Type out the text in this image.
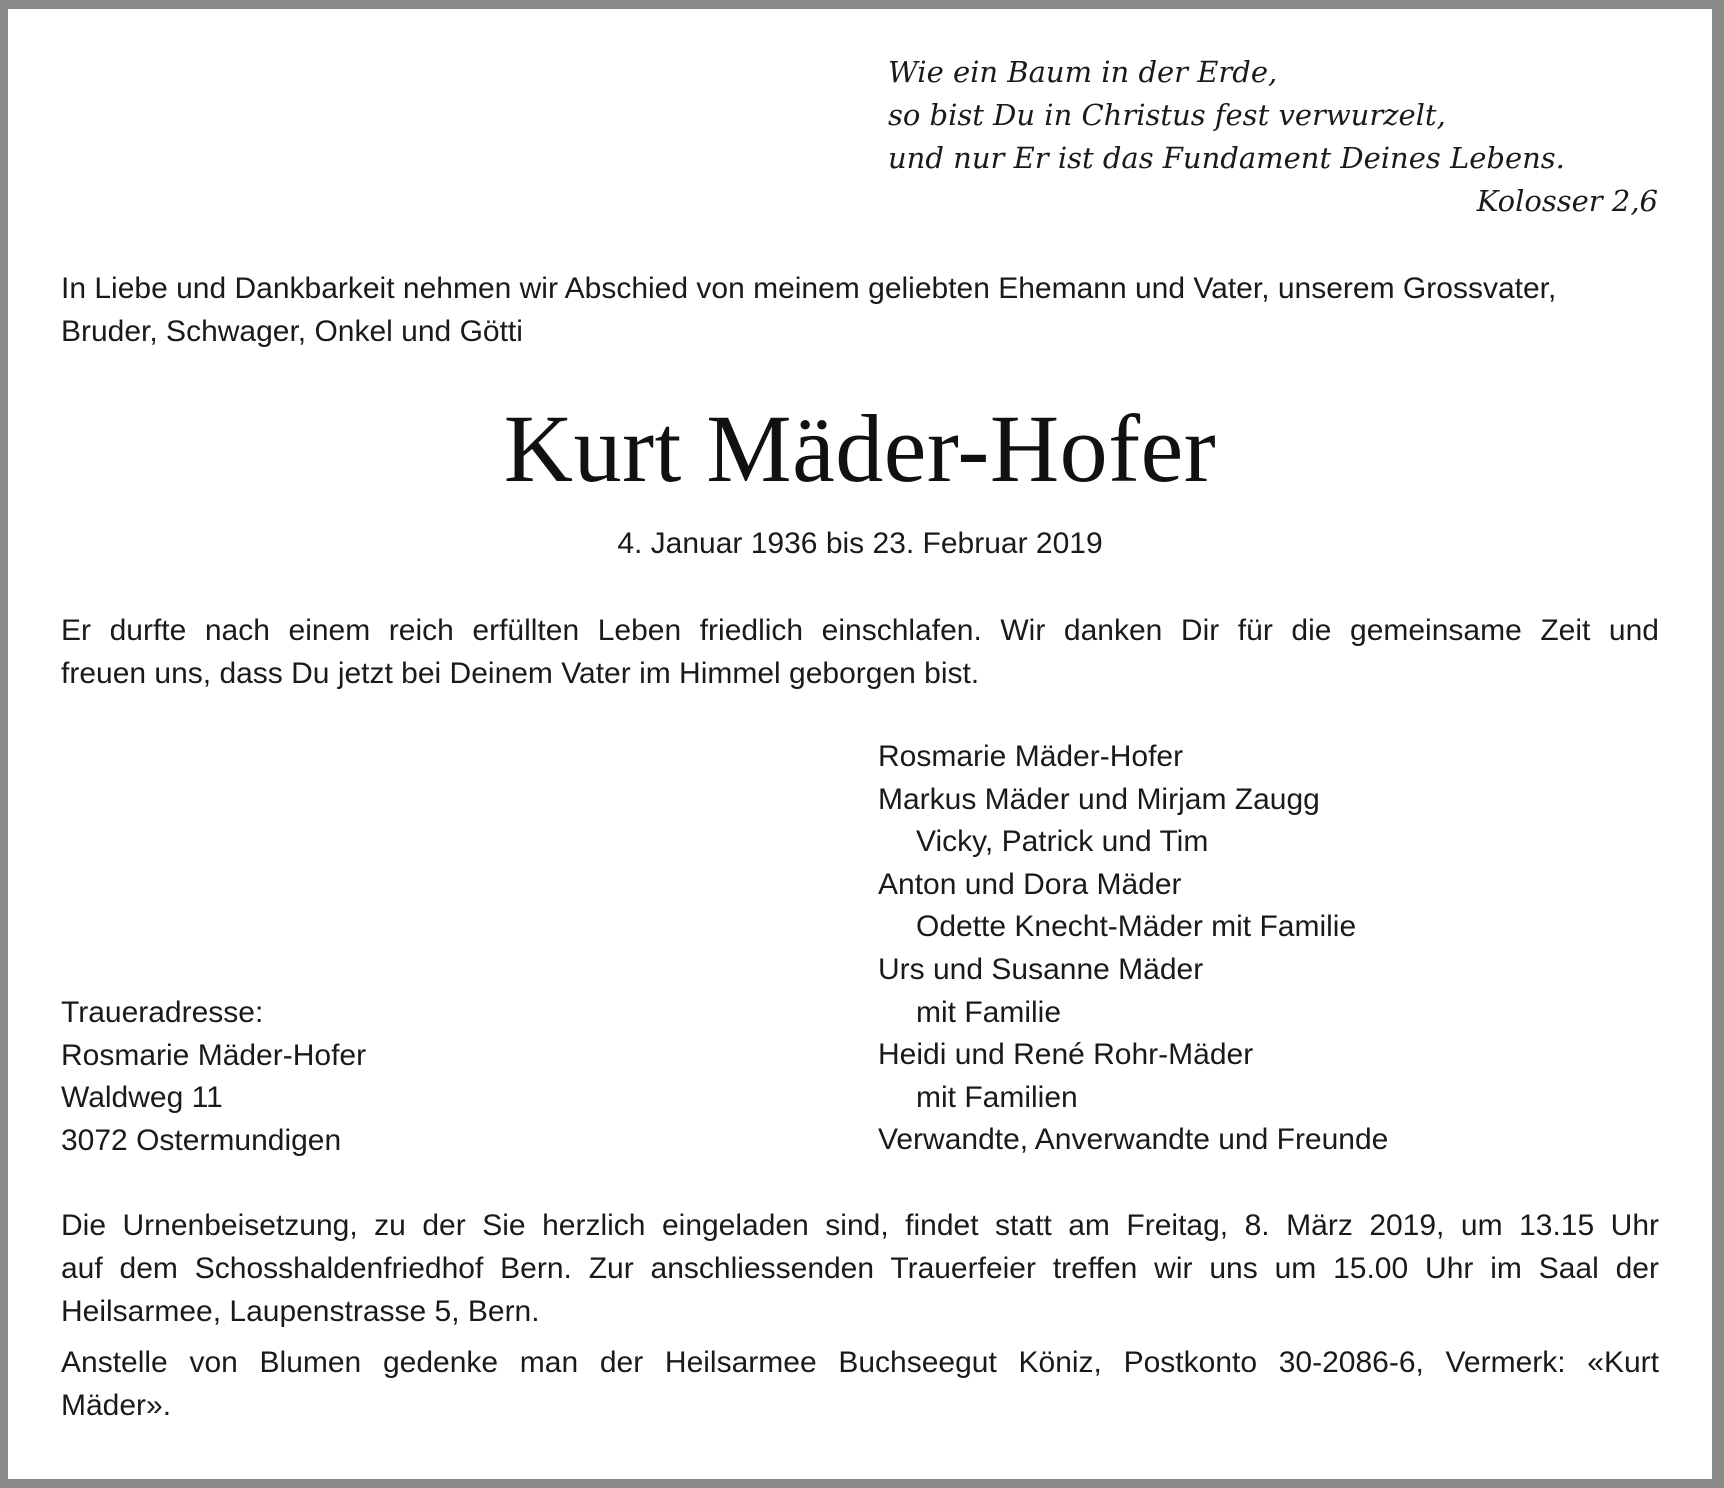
Wie ein Baum in der Erde,
so bist Du in Christus fest verwurzelt,
und nur Er ist das Fundament Deines Lebens.
Kolosser 2,6
In Liebe und Dankbarkeit nehmen wir Abschied von meinem geliebten Ehemann und Vater, unserem Grossvater,
Bruder, Schwager, Onkel und Götti
Kurt Mäder-Hofer
4. Januar 1936 bis 23. Februar 2019
Er durfte nach einem reich erfüllten Leben friedlich einschlafen. Wir danken Dir für die gemeinsame Zeit und
freuen uns, dass Du jetzt bei Deinem Vater im Himmel geborgen bist.
Rosmarie Mäder-Hofer
Markus Mäder und Mirjam Zaugg
Vicky, Patrick und Tim
Anton und Dora Mäder
Odette Knecht-Mäder mit Familie
Urs und Susanne Mäder
mit Familie
Heidi und René Rohr-Mäder
mit Familien
Verwandte, Anverwandte und Freunde
Traueradresse:
Rosmarie Mäder-Hofer
Waldweg 11
3072 Ostermundigen
Die Urnenbeisetzung, zu der Sie herzlich eingeladen sind, findet statt am Freitag, 8. März 2019, um 13.15 Uhr
auf dem Schosshaldenfriedhof Bern. Zur anschliessenden Trauerfeier treffen wir uns um 15.00 Uhr im Saal der
Heilsarmee, Laupenstrasse 5, Bern.
Anstelle von Blumen gedenke man der Heilsarmee Buchseegut Köniz, Postkonto 30-2086-6, Vermerk: «Kurt
Mäder».
